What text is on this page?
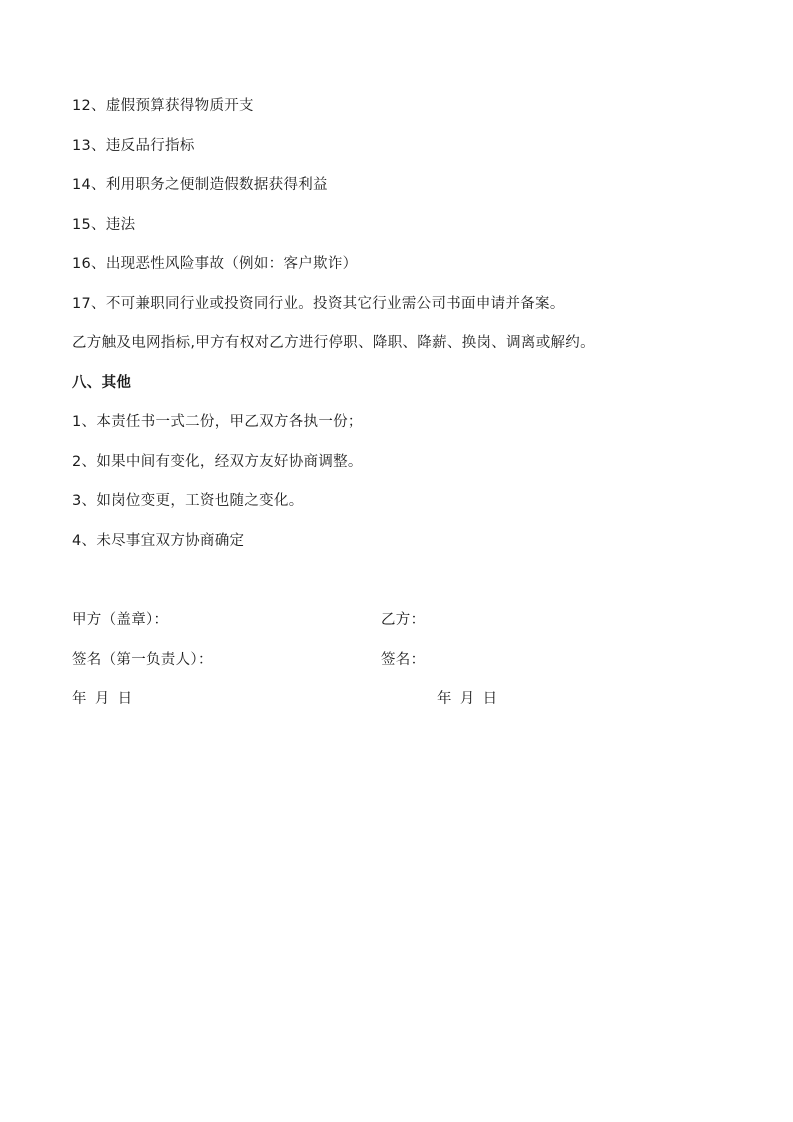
12、虚假预算获得物质开支
13、违反品行指标
14、利用职务之便制造假数据获得利益
15、违法
16、出现恶性风险事故（例如：客户欺诈）
17、不可兼职同行业或投资同行业。投资其它行业需公司书面申请并备案。
乙方触及电网指标,甲方有权对乙方进行停职、降职、降薪、换岗、调离或解约。
八、其他
1、本责任书一式二份，甲乙双方各执一份；
2、如果中间有变化，经双方友好协商调整。
3、如岗位变更，工资也随之变化。
4、未尽事宜双方协商确定
甲方（盖章）：	乙方：
签名（第一负责人）：	签名：
年 月 日	年 月 日
